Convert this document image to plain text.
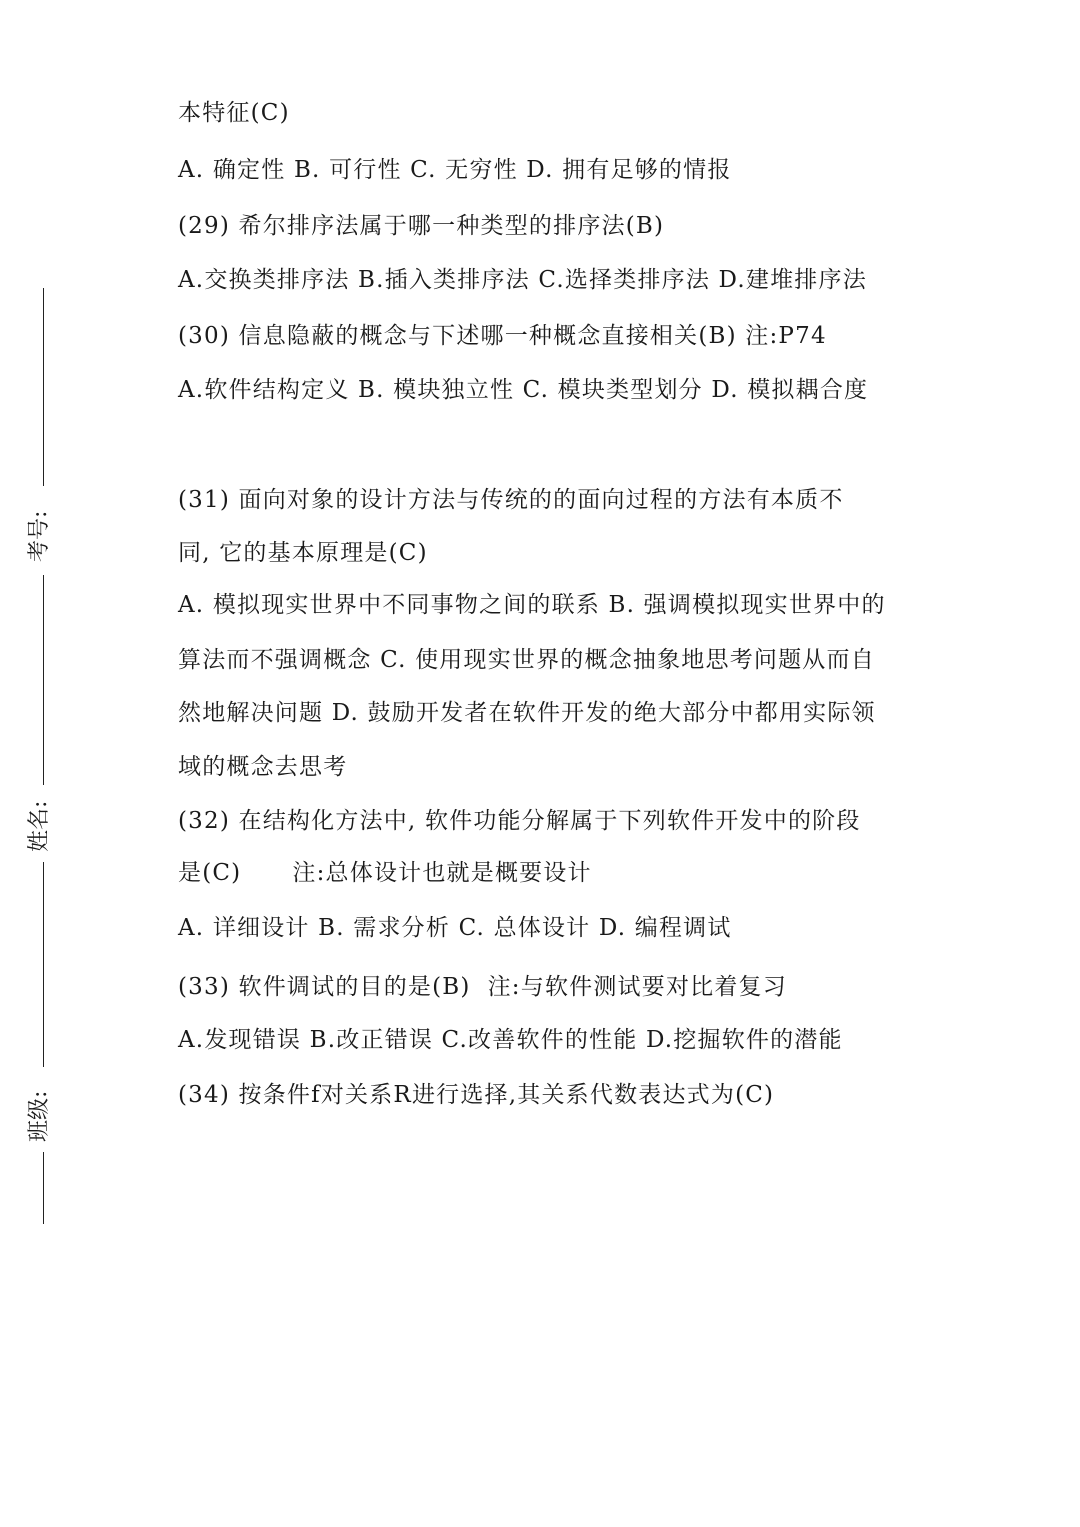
考号:
姓名:
班级:
本特征(C)
A. 确定性 B. 可行性 C. 无穷性 D. 拥有足够的情报
(29) 希尔排序法属于哪一种类型的排序法(B)
A.交换类排序法 B.插入类排序法 C.选择类排序法 D.建堆排序法
(30) 信息隐蔽的概念与下述哪一种概念直接相关(B) 注:P74
A.软件结构定义 B. 模块独立性 C. 模块类型划分 D. 模拟耦合度
(31) 面向对象的设计方法与传统的的面向过程的方法有本质不
同, 它的基本原理是(C)
A. 模拟现实世界中不同事物之间的联系 B. 强调模拟现实世界中的
算法而不强调概念 C. 使用现实世界的概念抽象地思考问题从而自
然地解决问题 D. 鼓励开发者在软件开发的绝大部分中都用实际领
域的概念去思考
(32) 在结构化方法中, 软件功能分解属于下列软件开发中的阶段
是(C)      注:总体设计也就是概要设计
A. 详细设计 B. 需求分析 C. 总体设计 D. 编程调试
(33) 软件调试的目的是(B)  注:与软件测试要对比着复习
A.发现错误 B.改正错误 C.改善软件的性能 D.挖掘软件的潜能
(34) 按条件f对关系R进行选择,其关系代数表达式为(C)
